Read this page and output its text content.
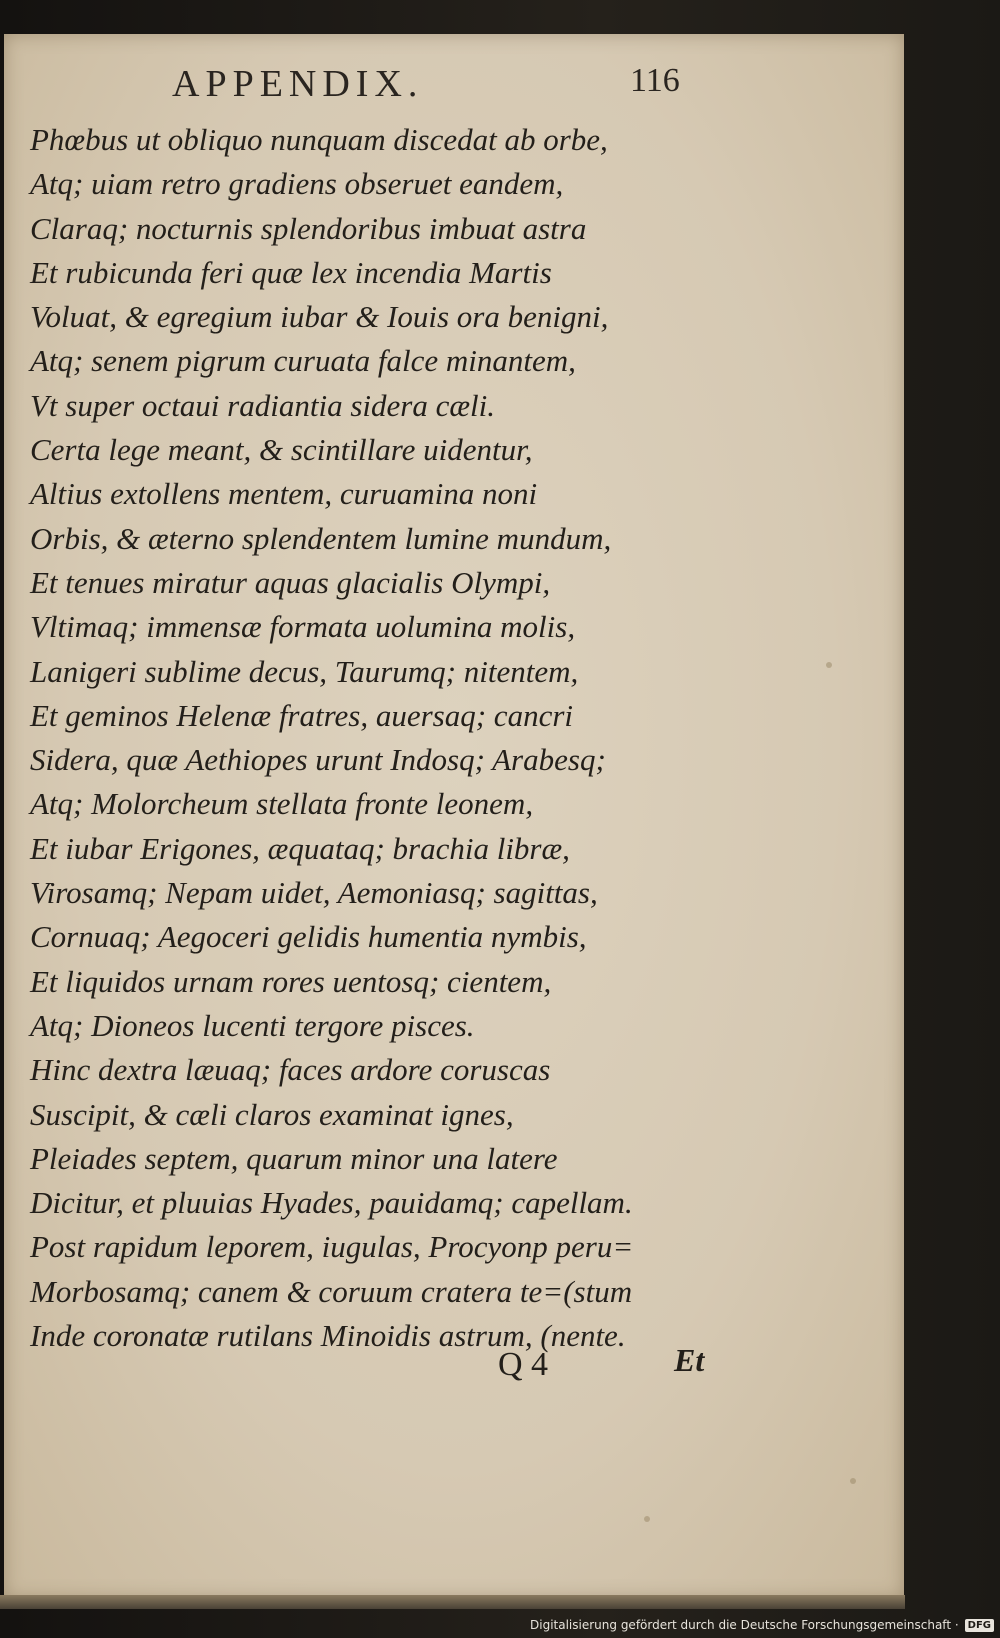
APPENDIX.	116
Phœbus ut obliquo nunquam discedat ab orbe,
Atq; uiam retro gradiens obseruet eandem,
Claraq; nocturnis splendoribus imbuat astra
Et rubicunda feri quæ lex incendia Martis
Voluat, & egregium iubar & Iouis ora benigni,
Atq; senem pigrum curuata falce minantem,
Vt super octaui radiantia sidera cæli.
Certa lege meant, & scintillare uidentur,
Altius extollens mentem, curuamina noni
Orbis, & æterno splendentem lumine mundum,
Et tenues miratur aquas glacialis Olympi,
Vltimaq; immensæ formata uolumina molis,
Lanigeri sublime decus, Taurumq; nitentem,
Et geminos Helenæ fratres, auersaq; cancri
Sidera, quæ Aethiopes urunt Indosq; Arabesq;
Atq; Molorcheum stellata fronte leonem,
Et iubar Erigones, æquataq; brachia libræ,
Virosamq; Nepam uidet, Aemoniasq; sagittas,
Cornuaq; Aegoceri gelidis humentia nymbis,
Et liquidos urnam rores uentosq; cientem,
Atq; Dioneos lucenti tergore pisces.
Hinc dextra læuaq; faces ardore coruscas
Suscipit, & cæli claros examinat ignes,
Pleiades septem, quarum minor una latere
Dicitur, et pluuias Hyades, pauidamq; capellam.
Post rapidum leporem, iugulas, Procyonp peru=
Morbosamq; canem & coruum cratera te=(stum
Inde coronatæ rutilans Minoidis astrum, (nente.
Q 4	Et
Digitalisierung gefördert durch die Deutsche Forschungsgemeinschaft · DFG
